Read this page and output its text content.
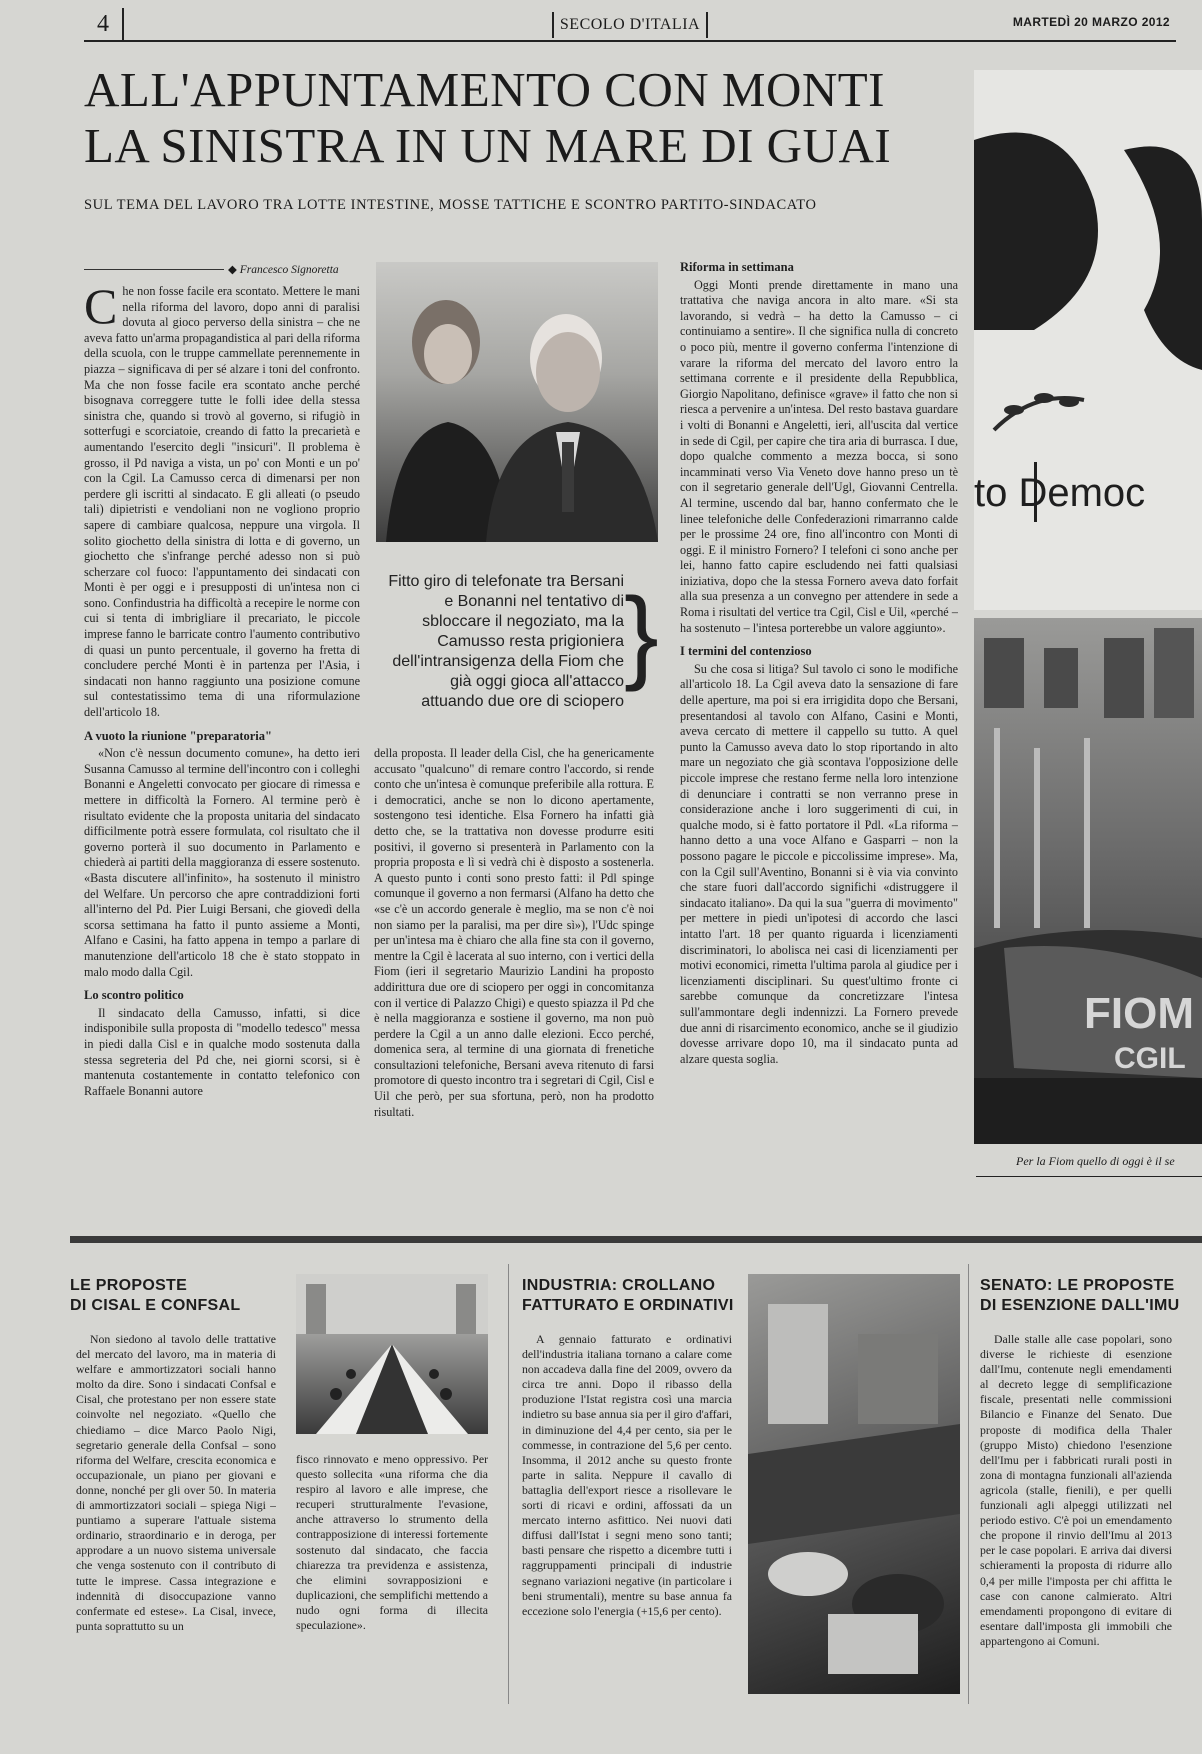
4	SECOLO D'ITALIA	MARTEDÌ 20 MARZO 2012
ALL'APPUNTAMENTO CON MONTI
LA SINISTRA IN UN MARE DI GUAI
SUL TEMA DEL LAVORO TRA LOTTE INTESTINE, MOSSE TATTICHE E SCONTRO PARTITO-SINDACATO
◆ Francesco Signoretta

Che non fosse facile era scontato. Mettere le mani nella riforma del lavoro, dopo anni di paralisi dovuta al gioco perverso della sinistra – che ne aveva fatto un'arma propagandistica al pari della riforma della scuola, con le truppe cammellate perennemente in piazza – significava di per sé alzare i toni del confronto. Ma che non fosse facile era scontato anche perché bisognava correggere tutte le folli idee della stessa sinistra che, quando si trovò al governo, si rifugiò in sotterfugi e scorciatoie, creando di fatto la precarietà e aumentando l'esercito degli "insicuri". Il problema è grosso, il Pd naviga a vista, un po' con Monti e un po' con la Cgil. La Camusso cerca di dimenarsi per non perdere gli iscritti al sindacato. E gli alleati (o pseudo tali) dipietristi e vendoliani non ne vogliono proprio sapere di cambiare qualcosa, neppure una virgola. Il solito giochetto della sinistra di lotta e di governo, un giochetto che s'infrange perché adesso non si può scherzare col fuoco: l'appuntamento dei sindacati con Monti è per oggi e i presupposti di un'intesa non ci sono. Confindustria ha difficoltà a recepire le norme con cui si tenta di imbrigliare il precariato, le piccole imprese fanno le barricate contro l'aumento contributivo di quasi un punto percentuale, il governo ha fretta di concludere perché Monti è in partenza per l'Asia, i sindacati non hanno raggiunto una posizione comune sul contestatissimo tema di una riformulazione dell'articolo 18.

A vuoto la riunione "preparatoria"

«Non c'è nessun documento comune», ha detto ieri Susanna Camusso al termine dell'incontro con i colleghi Bonanni e Angeletti convocato per giocare di rimessa e mettere in difficoltà la Fornero. Al termine però è risultato evidente che la proposta unitaria del sindacato difficilmente potrà essere formulata, col risultato che il governo porterà il suo documento in Parlamento e chiederà ai partiti della maggioranza di essere sostenuto. «Basta discutere all'infinito», ha sostenuto il ministro del Welfare. Un percorso che apre contraddizioni forti all'interno del Pd. Pier Luigi Bersani, che giovedì della scorsa settimana ha fatto il punto assieme a Monti, Alfano e Casini, ha fatto appena in tempo a parlare di manutenzione dell'articolo 18 che è stato stoppato in malo modo dalla Cgil.

Lo scontro politico

Il sindacato della Camusso, infatti, si dice indisponibile sulla proposta di "modello tedesco" messa in piedi dalla Cisl e in qualche modo sostenuta dalla stessa segreteria del Pd che, nei giorni scorsi, si è mantenuta costantemente in contatto telefonico con Raffaele Bonanni autore

Fitto giro di telefonate tra Bersani e Bonanni nel tentativo di sbloccare il negoziato, ma la Camusso resta prigioniera dell'intransigenza della Fiom che già oggi gioca all'attacco attuando due ore di sciopero
}

della proposta. Il leader della Cisl, che ha genericamente accusato "qualcuno" di remare contro l'accordo, si rende conto che un'intesa è comunque preferibile alla rottura. E i democratici, anche se non lo dicono apertamente, sostengono tesi identiche. Elsa Fornero ha infatti già detto che, se la trattativa non dovesse produrre esiti positivi, il governo si presenterà in Parlamento con la propria proposta e lì si vedrà chi è disposto a sostenerla. A questo punto i conti sono presto fatti: il Pdl spinge comunque il governo a non fermarsi (Alfano ha detto che «se c'è un accordo generale è meglio, ma se non c'è noi non siamo per la paralisi, ma per dire sì»), l'Udc spinge per un'intesa ma è chiaro che alla fine sta con il governo, mentre la Cgil è lacerata al suo interno, con i vertici della Fiom (ieri il segretario Maurizio Landini ha proposto addirittura due ore di sciopero per oggi in concomitanza con il vertice di Palazzo Chigi) e questo spiazza il Pd che è nella maggioranza e sostiene il governo, ma non può perdere la Cgil a un anno dalle elezioni. Ecco perché, domenica sera, al termine di una giornata di frenetiche consultazioni telefoniche, Bersani aveva ritenuto di farsi promotore di questo incontro tra i segretari di Cgil, Cisl e Uil che però, per sua sfortuna, però, non ha prodotto risultati.

Riforma in settimana

Oggi Monti prende direttamente in mano una trattativa che naviga ancora in alto mare. «Si sta lavorando, si vedrà – ha detto la Camusso – ci continuiamo a sentire». Il che significa nulla di concreto o poco più, mentre il governo conferma l'intenzione di varare la riforma del mercato del lavoro entro la settimana corrente e il presidente della Repubblica, Giorgio Napolitano, definisce «grave» il fatto che non si riesca a pervenire a un'intesa. Del resto bastava guardare i volti di Bonanni e Angeletti, ieri, all'uscita dal vertice in sede di Cgil, per capire che tira aria di burrasca. I due, dopo qualche commento a mezza bocca, si sono incamminati verso Via Veneto dove hanno preso un tè con il segretario generale dell'Ugl, Giovanni Centrella. Al termine, uscendo dal bar, hanno confermato che le linee telefoniche delle Confederazioni rimarranno calde per le prossime 24 ore, fino all'incontro con Monti di oggi. E il ministro Fornero? I telefoni ci sono anche per lei, hanno fatto capire escludendo nei fatti qualsiasi iniziativa, dopo che la stessa Fornero aveva dato forfait alla sua presenza a un convegno per attendere in sede a Roma i risultati del vertice tra Cgil, Cisl e Uil, «perché – ha sostenuto – l'intesa porterebbe un valore aggiunto».

I termini del contenzioso

Su che cosa si litiga? Sul tavolo ci sono le modifiche all'articolo 18. La Cgil aveva dato la sensazione di fare delle aperture, ma poi si era irrigidita dopo che Bersani, presentandosi al tavolo con Alfano, Casini e Monti, aveva cercato di mettere il cappello su tutto. A quel punto la Camusso aveva dato lo stop riportando in alto mare un negoziato che già scontava l'opposizione delle piccole imprese che restano ferme nella loro intenzione di denunciare i contratti se non verranno prese in considerazione anche i loro suggerimenti di cui, in qualche modo, si è fatto portatore il Pdl. «La riforma – hanno detto a una voce Alfano e Gasparri – non la possono pagare le piccole e piccolissime imprese». Ma, con la Cgil sull'Aventino, Bonanni si è via via convinto che stare fuori dall'accordo significhi «distruggere il sindacato italiano». Da qui la sua "guerra di movimento" per mettere in piedi un'ipotesi di accordo che lasci intatto l'art. 18 per quanto riguarda i licenziamenti discriminatori, lo abolisca nei casi di licenziamenti per motivi economici, rimetta l'ultima parola al giudice per i licenziamenti disciplinari. Su quest'ultimo fronte ci sarebbe comunque da concretizzare l'intesa sull'ammontare degli indennizzi. La Fornero prevede due anni di risarcimento economico, anche se il giudizio dovesse arrivare dopo 10, ma il sindacato punta ad alzare questa soglia.

to Democ
FIOM
CGIL
Per la Fiom quello di oggi è il se
LE PROPOSTE
DI CISAL E CONFSAL

Non siedono al tavolo delle trattative del mercato del lavoro, ma in materia di welfare e ammortizzatori sociali hanno molto da dire. Sono i sindacati Confsal e Cisal, che protestano per non essere state coinvolte nel negoziato. «Quello che chiediamo – dice Marco Paolo Nigi, segretario generale della Confsal – sono riforma del Welfare, crescita economica e occupazionale, un piano per giovani e donne, nonché per gli over 50. In materia di ammortizzatori sociali – spiega Nigi – puntiamo a superare l'attuale sistema ordinario, straordinario e in deroga, per approdare a un nuovo sistema universale che venga sostenuto con il contributo di tutte le imprese. Cassa integrazione e indennità di disoccupazione vanno confermate ed estese». La Cisal, invece, punta soprattutto su un

fisco rinnovato e meno oppressivo. Per questo sollecita «una riforma che dia respiro al lavoro e alle imprese, che recuperi strutturalmente l'evasione, anche attraverso lo strumento della contrapposizione di interessi fortemente sostenuto dal sindacato, che faccia chiarezza tra previdenza e assistenza, che elimini sovrapposizioni e duplicazioni, che semplifichi mettendo a nudo ogni forma di illecita speculazione».

INDUSTRIA: CROLLANO
FATTURATO E ORDINATIVI

A gennaio fatturato e ordinativi dell'industria italiana tornano a calare come non accadeva dalla fine del 2009, ovvero da circa tre anni. Dopo il ribasso della produzione l'Istat registra così una marcia indietro su base annua sia per il giro d'affari, in diminuzione del 4,4 per cento, sia per le commesse, in contrazione del 5,6 per cento. Insomma, il 2012 anche su questo fronte parte in salita. Neppure il cavallo di battaglia dell'export riesce a risollevare le sorti di ricavi e ordini, affossati da un mercato interno asfittico. Nei nuovi dati diffusi dall'Istat i segni meno sono tanti; basti pensare che rispetto a dicembre tutti i raggruppamenti principali di industrie segnano variazioni negative (in particolare i beni strumentali), mentre su base annua fa eccezione solo l'energia (+15,6 per cento).

SENATO: LE PROPOSTE
DI ESENZIONE DALL'IMU

Dalle stalle alle case popolari, sono diverse le richieste di esenzione dall'Imu, contenute negli emendamenti al decreto legge di semplificazione fiscale, presentati nelle commissioni Bilancio e Finanze del Senato. Due proposte di modifica della Thaler (gruppo Misto) chiedono l'esenzione dell'Imu per i fabbricati rurali posti in zona di montagna funzionali all'azienda agricola (stalle, fienili), e per quelli funzionali agli alpeggi utilizzati nel periodo estivo. C'è poi un emendamento che propone il rinvio dell'Imu al 2013 per le case popolari. E arriva dai diversi schieramenti la proposta di ridurre allo 0,4 per mille l'imposta per chi affitta le case con canone calmierato. Altri emendamenti propongono di evitare di esentare dall'imposta gli immobili che appartengono ai Comuni.
